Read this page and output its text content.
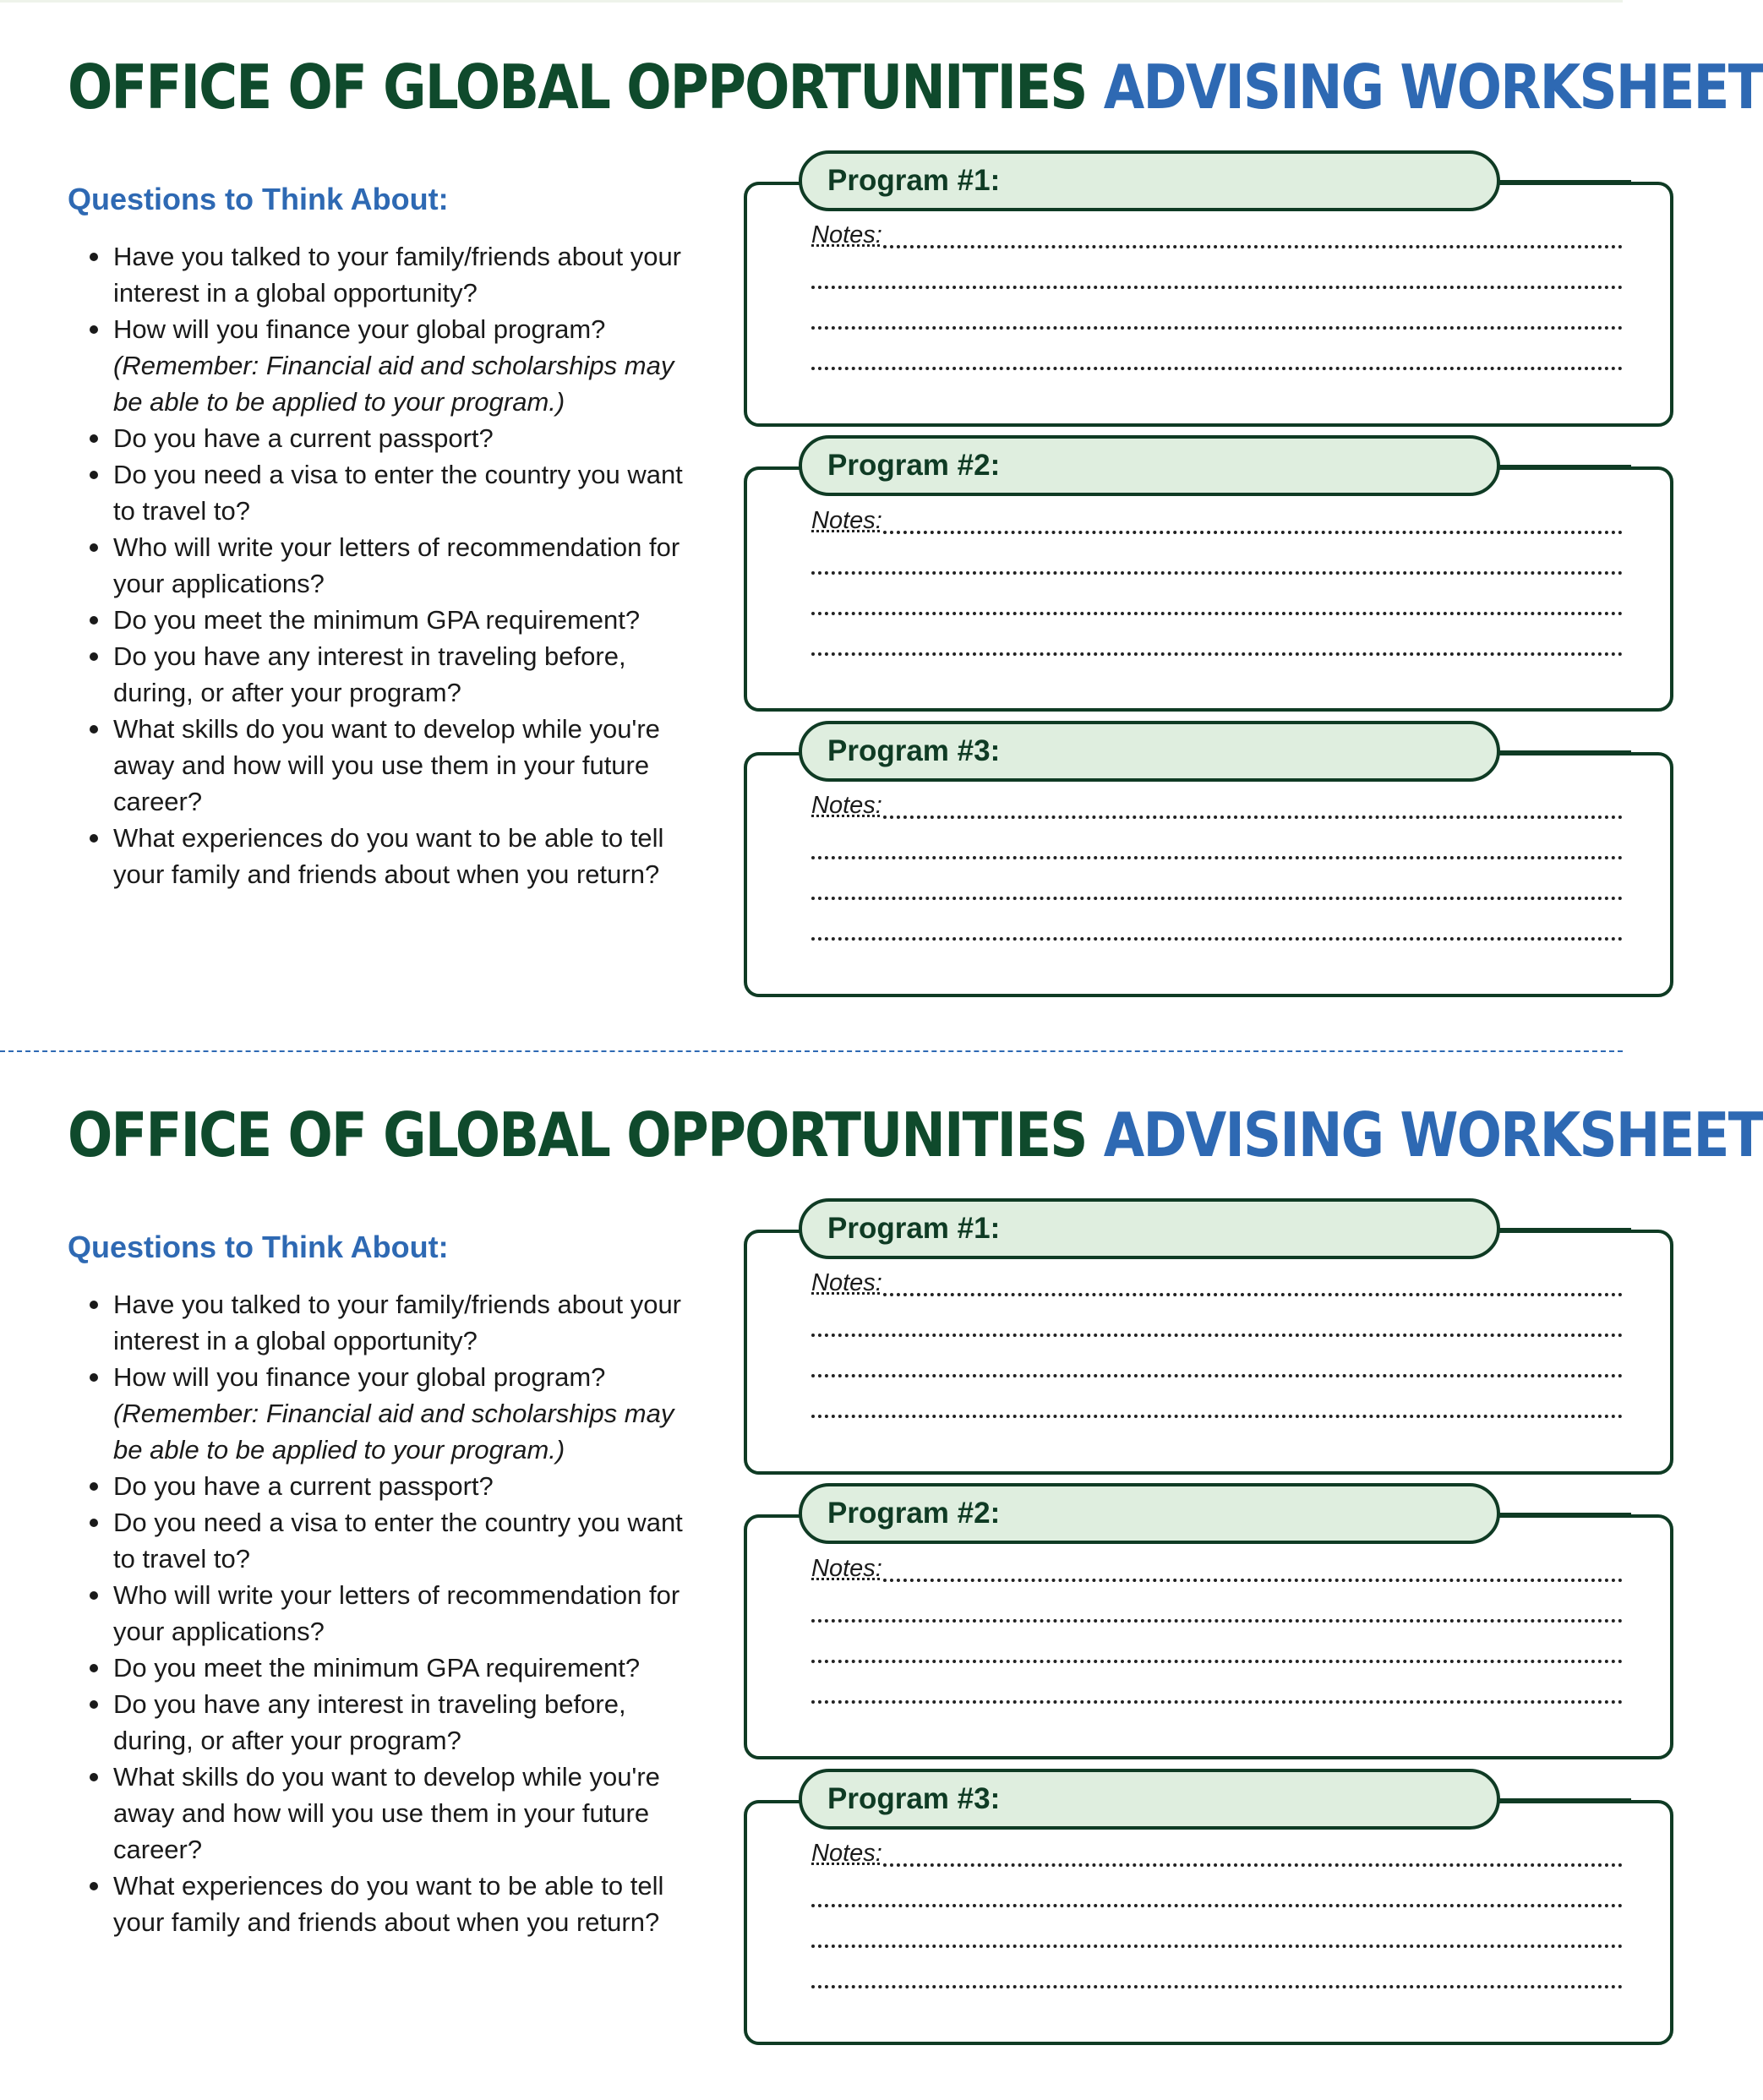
OFFICE OF GLOBAL OPPORTUNITIES ADVISING WORKSHEET
Questions to Think About:
Have you talked to your family/friends about your interest in a global opportunity?
How will you finance your global program?
(Remember: Financial aid and scholarships may be able to be applied to your program.)
Do you have a current passport?
Do you need a visa to enter the country you want to travel to?
Who will write your letters of recommendation for your applications?
Do you meet the minimum GPA requirement?
Do you have any interest in traveling before, during, or after your program?
What skills do you want to develop while you're away and how will you use them in your future career?
What experiences do you want to be able to tell your family and friends about when you return?
Program #1:
Notes:
Program #2:
Notes:
Program #3:
Notes:
OFFICE OF GLOBAL OPPORTUNITIES ADVISING WORKSHEET
Questions to Think About:
Have you talked to your family/friends about your interest in a global opportunity?
How will you finance your global program?
(Remember: Financial aid and scholarships may be able to be applied to your program.)
Do you have a current passport?
Do you need a visa to enter the country you want to travel to?
Who will write your letters of recommendation for your applications?
Do you meet the minimum GPA requirement?
Do you have any interest in traveling before, during, or after your program?
What skills do you want to develop while you're away and how will you use them in your future career?
What experiences do you want to be able to tell your family and friends about when you return?
Program #1:
Notes:
Program #2:
Notes:
Program #3:
Notes:
